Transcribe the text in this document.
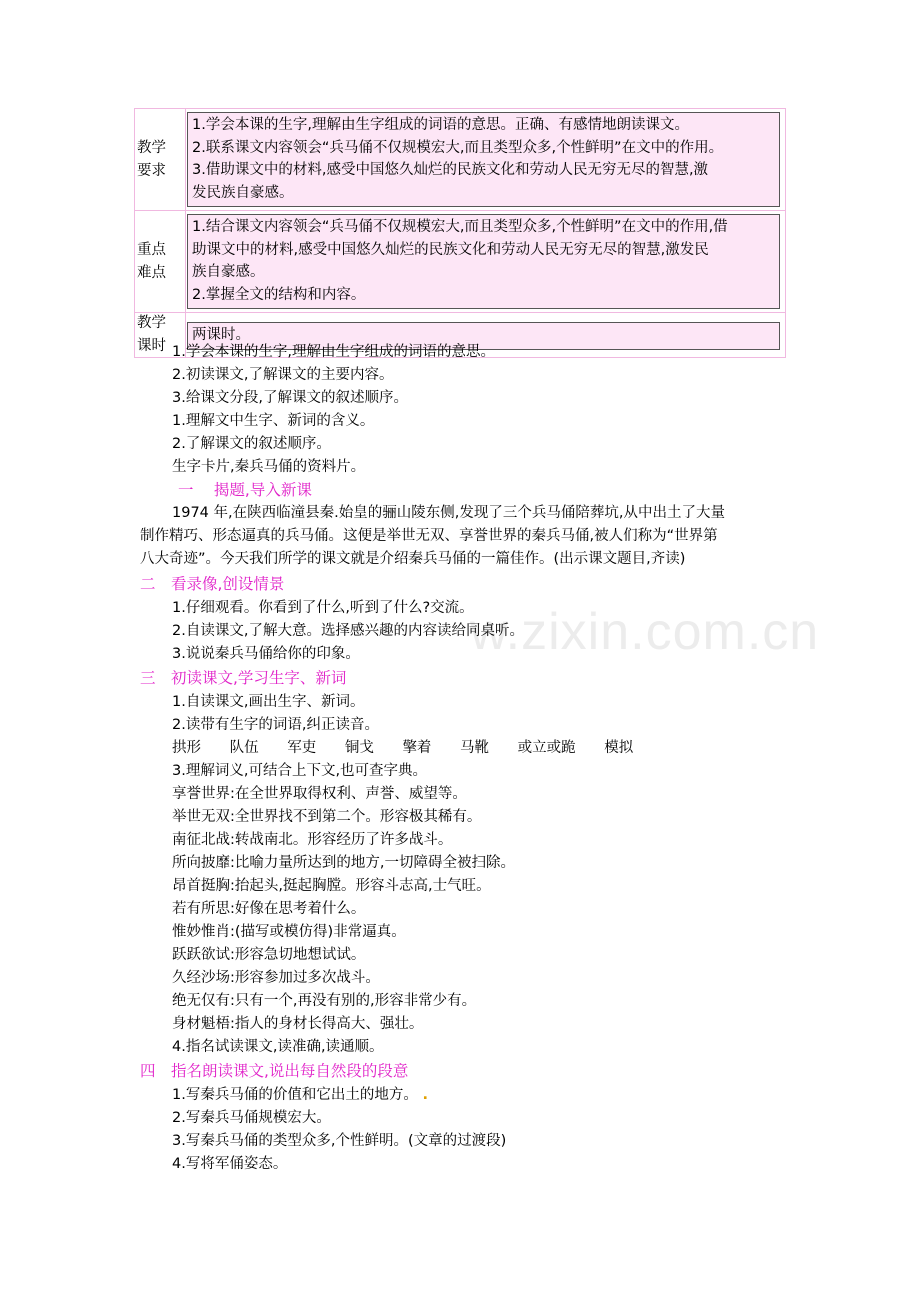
w.zixin.com.cn
教学
要求

1.学会本课的生字,理解由生字组成的词语的意思。正确、有感情地朗读课文。

2.联系课文内容领会“兵马俑不仅规模宏大,而且类型众多,个性鲜明”在文中的作用。

3.借助课文中的材料,感受中国悠久灿烂的民族文化和劳动人民无穷无尽的智慧,激

发民族自豪感。

重点
难点

1.结合课文内容领会“兵马俑不仅规模宏大,而且类型众多,个性鲜明”在文中的作用,借

助课文中的材料,感受中国悠久灿烂的民族文化和劳动人民无穷无尽的智慧,激发民

族自豪感。

2.掌握全文的结构和内容。

教学
课时

两课时。

1.学会本课的生字,理解由生字组成的词语的意思。
2.初读课文,了解课文的主要内容。
3.给课文分段,了解课文的叙述顺序。
1.理解文中生字、新词的含义。
2.了解课文的叙述顺序。
生字卡片,秦兵马俑的资料片。
一　 揭题,导入新课
1974 年,在陕西临潼县秦.始皇的骊山陵东侧,发现了三个兵马俑陪葬坑,从中出土了大量
制作精巧、形态逼真的兵马俑。这便是举世无双、享誉世界的秦兵马俑,被人们称为“世界第
八大奇迹”。今天我们所学的课文就是介绍秦兵马俑的一篇佳作。(出示课文题目,齐读)
二　看录像,创设情景
1.仔细观看。你看到了什么,听到了什么?交流。
2.自读课文,了解大意。选择感兴趣的内容读给同桌听。
3.说说秦兵马俑给你的印象。
三　初读课文,学习生字、新词
1.自读课文,画出生字、新词。
2.读带有生字的词语,纠正读音。
拱形 队伍 军吏 铜戈 擎着 马靴 或立或跪 模拟
3.理解词义,可结合上下文,也可查字典。
享誉世界:在全世界取得权利、声誉、威望等。
举世无双:全世界找不到第二个。形容极其稀有。
南征北战:转战南北。形容经历了许多战斗。
所向披靡:比喻力量所达到的地方,一切障碍全被扫除。
昂首挺胸:抬起头,挺起胸膛。形容斗志高,士气旺。
若有所思:好像在思考着什么。
惟妙惟肖:(描写或模仿得)非常逼真。
跃跃欲试:形容急切地想试试。
久经沙场:形容参加过多次战斗。
绝无仅有:只有一个,再没有别的,形容非常少有。
身材魁梧:指人的身材长得高大、强壮。
4.指名试读课文,读准确,读通顺。
四　指名朗读课文,说出每自然段的段意
1.写秦兵马俑的价值和它出土的地方。 .
2.写秦兵马俑规模宏大。
3.写秦兵马俑的类型众多,个性鲜明。(文章的过渡段)
4.写将军俑姿态。
